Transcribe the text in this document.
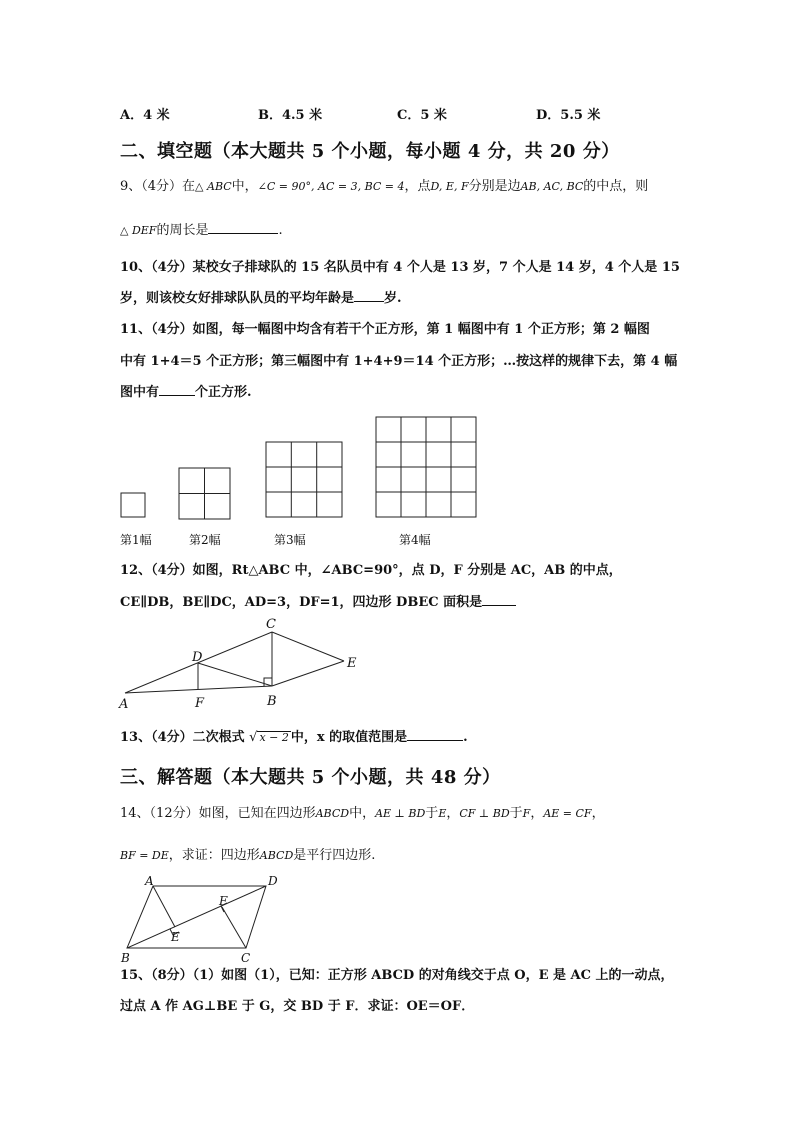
A．4 米	B．4.5 米	C．5 米	D．5.5 米
二、填空题（本大题共 5 个小题，每小题 4 分，共 20 分）
9、（4分）在△ ABC中，∠C = 90°, AC = 3, BC = 4，点D, E, F分别是边AB, AC, BC的中点，则
△ DEF的周长是	.
10、（4分）某校女子排球队的 15 名队员中有 4 个人是 13 岁，7 个人是 14 岁，4 个人是 15
岁，则该校女好排球队队员的平均年龄是 岁.
11、（4分）如图，每一幅图中均含有若干个正方形，第 1 幅图中有 1 个正方形；第 2 幅图
中有 1+4＝5 个正方形；第三幅图中有 1+4+9＝14 个正方形；…按这样的规律下去，第 4 幅
图中有	个正方形.
第1幅	第2幅	第3幅	第4幅
12、（4分）如图，Rt△ABC 中，∠ABC=90°，点 D，F 分别是 AC，AB 的中点，
CE∥DB，BE∥DC，AD=3，DF=1，四边形 DBEC 面积是
A
C
D	E
F	B
13、（4分）二次根式 √ x − 2 中，x 的取值范围是	.
三、解答题（本大题共 5 个小题，共 48 分）
14、（12分）如图，已知在四边形ABCD中，AE ⊥ BD于E，CF ⊥ BD于F，AE = CF，
BF = DE，求证：四边形ABCD是平行四边形.
A	D
B	C
E
F
15、（8分）（1）如图（1），已知：正方形 ABCD 的对角线交于点 O，E 是 AC 上的一动点，
过点 A 作 AG⊥BE 于 G，交 BD 于 F．求证：OE＝OF．
